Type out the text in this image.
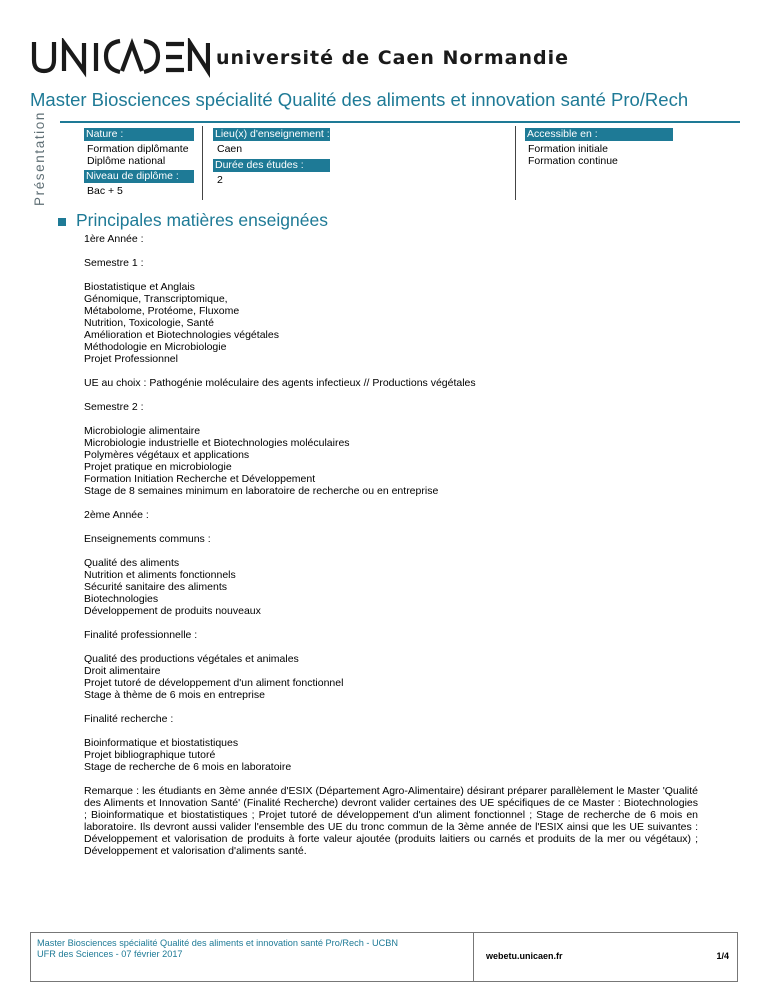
université de Caen Normandie
Master Biosciences spécialité Qualité des aliments et innovation santé Pro/Rech
Présentation	Nature :
Formation diplômante
Diplôme national
Niveau de diplôme :
Bac + 5
Lieu(x) d'enseignement :
Caen
Durée des études :
2
Accessible en :
Formation initiale
Formation continue
Principales matières enseignées
1ère Année :
Semestre 1 :
Biostatistique et Anglais
Génomique, Transcriptomique,
Métabolome, Protéome, Fluxome
Nutrition, Toxicologie, Santé
Amélioration et Biotechnologies végétales
Méthodologie en Microbiologie
Projet Professionnel
UE au choix : Pathogénie moléculaire des agents infectieux // Productions végétales
Semestre 2 :
Microbiologie alimentaire
Microbiologie industrielle et Biotechnologies moléculaires
Polymères végétaux et applications
Projet pratique en microbiologie
Formation Initiation Recherche et Développement
Stage de 8 semaines minimum en laboratoire de recherche ou en entreprise
2ème Année :
Enseignements communs :
Qualité des aliments
Nutrition et aliments fonctionnels
Sécurité sanitaire des aliments
Biotechnologies
Développement de produits nouveaux
Finalité professionnelle :
Qualité des productions végétales et animales
Droit alimentaire
Projet tutoré de développement d'un aliment fonctionnel
Stage à thème de 6 mois en entreprise
Finalité recherche :
Bioinformatique et biostatistiques
Projet bibliographique tutoré
Stage de recherche de 6 mois en laboratoire
Remarque : les étudiants en 3ème année d'ESIX (Département Agro-Alimentaire) désirant préparer parallèlement le Master 'Qualité des Aliments et Innovation Santé' (Finalité Recherche) devront valider certaines des UE spécifiques de ce Master : Biotechnologies ; Bioinformatique et biostatistiques ; Projet tutoré de développement d'un aliment fonctionnel ; Stage de recherche de 6 mois en laboratoire. Ils devront aussi valider l'ensemble des UE du tronc commun de la 3ème année de l'ESIX ainsi que les UE suivantes : Développement et valorisation de produits à forte valeur ajoutée (produits laitiers ou carnés et produits de la mer ou végétaux) ; Développement et valorisation d'aliments santé.
Master Biosciences spécialité Qualité des aliments et innovation santé Pro/Rech - UCBN
UFR des Sciences - 07 février 2017	webetu.unicaen.fr	1/4
